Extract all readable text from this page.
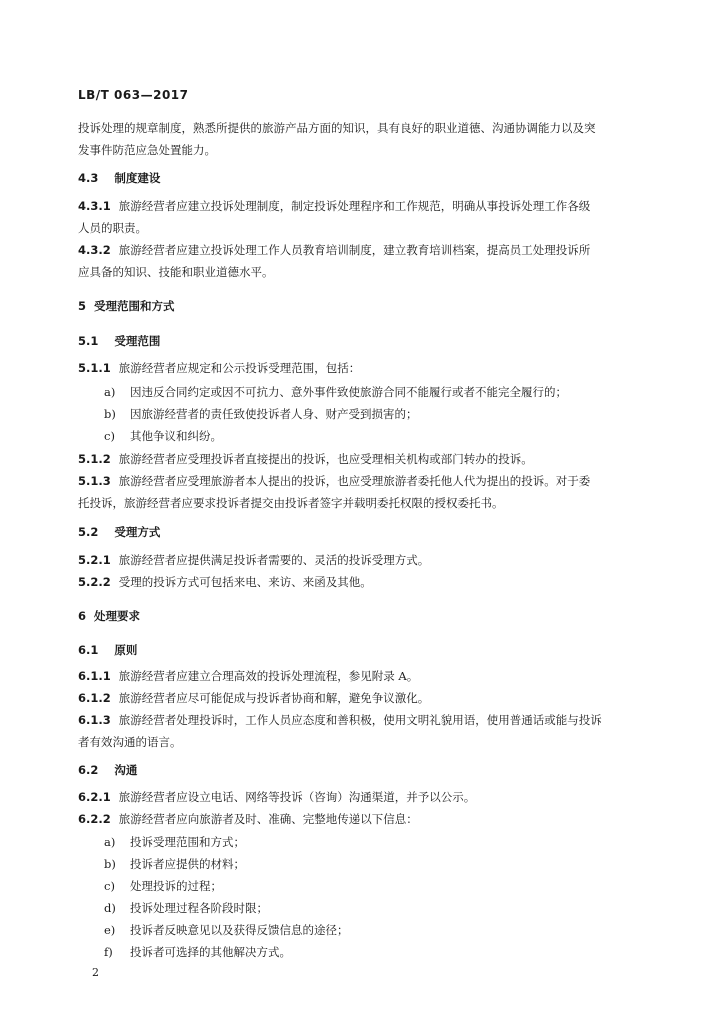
LB/T 063—2017
投诉处理的规章制度，熟悉所提供的旅游产品方面的知识，具有良好的职业道德、沟通协调能力以及突
发事件防范应急处置能力。
4.3 制度建设
4.3.1 旅游经营者应建立投诉处理制度，制定投诉处理程序和工作规范，明确从事投诉处理工作各级
人员的职责。
4.3.2 旅游经营者应建立投诉处理工作人员教育培训制度，建立教育培训档案，提高员工处理投诉所
应具备的知识、技能和职业道德水平。
5 受理范围和方式
5.1 受理范围
5.1.1 旅游经营者应规定和公示投诉受理范围，包括：
a) 因违反合同约定或因不可抗力、意外事件致使旅游合同不能履行或者不能完全履行的；
b) 因旅游经营者的责任致使投诉者人身、财产受到损害的；
c) 其他争议和纠纷。
5.1.2 旅游经营者应受理投诉者直接提出的投诉，也应受理相关机构或部门转办的投诉。
5.1.3 旅游经营者应受理旅游者本人提出的投诉，也应受理旅游者委托他人代为提出的投诉。对于委
托投诉，旅游经营者应要求投诉者提交由投诉者签字并载明委托权限的授权委托书。
5.2 受理方式
5.2.1 旅游经营者应提供满足投诉者需要的、灵活的投诉受理方式。
5.2.2 受理的投诉方式可包括来电、来访、来函及其他。
6 处理要求
6.1 原则
6.1.1 旅游经营者应建立合理高效的投诉处理流程，参见附录 A。
6.1.2 旅游经营者应尽可能促成与投诉者协商和解，避免争议激化。
6.1.3 旅游经营者处理投诉时，工作人员应态度和善积极，使用文明礼貌用语，使用普通话或能与投诉
者有效沟通的语言。
6.2 沟通
6.2.1 旅游经营者应设立电话、网络等投诉（咨询）沟通渠道，并予以公示。
6.2.2 旅游经营者应向旅游者及时、准确、完整地传递以下信息：
a) 投诉受理范围和方式；
b) 投诉者应提供的材料；
c) 处理投诉的过程；
d) 投诉处理过程各阶段时限；
e) 投诉者反映意见以及获得反馈信息的途径；
f) 投诉者可选择的其他解决方式。
2
